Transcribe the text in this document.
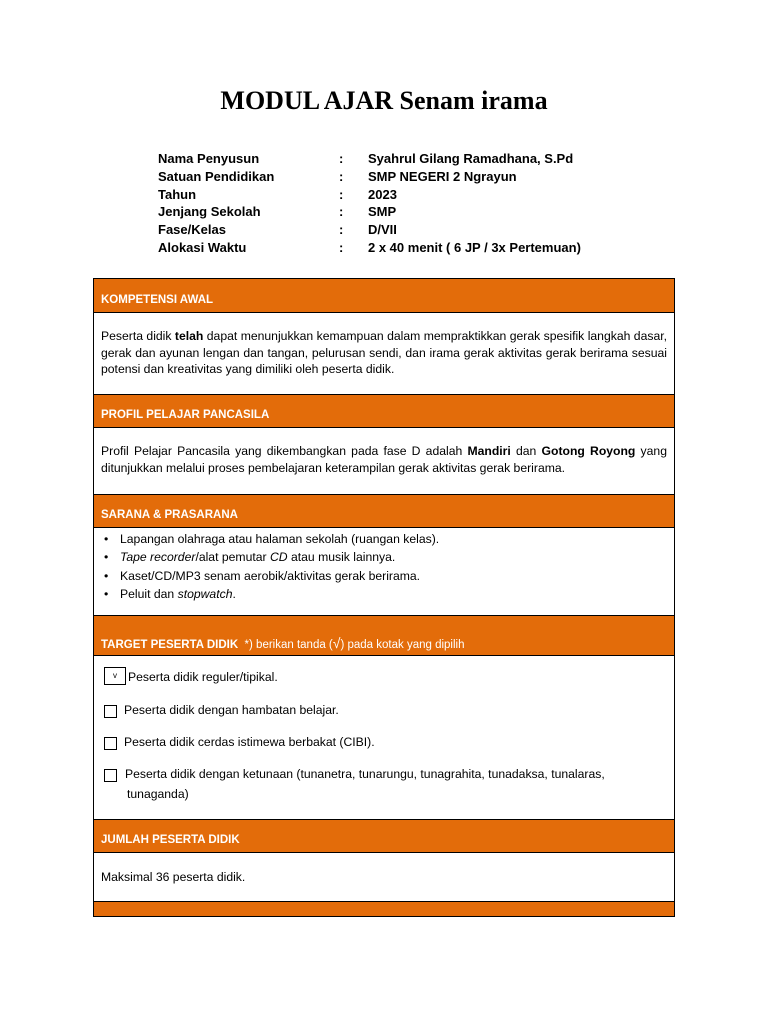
MODUL AJAR Senam irama
Nama Penyusun	: Syahrul Gilang Ramadhana, S.Pd
Satuan Pendidikan	: SMP NEGERI 2 Ngrayun
Tahun	: 2023
Jenjang Sekolah	: SMP
Fase/Kelas	: D/VII
Alokasi Waktu	: 2 x 40 menit ( 6 JP / 3x Pertemuan)
KOMPETENSI AWAL
Peserta didik telah dapat menunjukkan kemampuan dalam mempraktikkan gerak spesifik langkah dasar, gerak dan ayunan lengan dan tangan, pelurusan sendi, dan irama gerak aktivitas gerak berirama sesuai potensi dan kreativitas yang dimiliki oleh peserta didik.
PROFIL PELAJAR PANCASILA
Profil Pelajar Pancasila yang dikembangkan pada fase D adalah Mandiri dan Gotong Royong yang ditunjukkan melalui proses pembelajaran keterampilan gerak aktivitas gerak berirama.
SARANA & PRASARANA
• Lapangan olahraga atau halaman sekolah (ruangan kelas).
• Tape recorder/alat pemutar CD atau musik lainnya.
• Kaset/CD/MP3 senam aerobik/aktivitas gerak berirama.
• Peluit dan stopwatch.
TARGET PESERTA DIDIK *) berikan tanda (√) pada kotak yang dipilih
v Peserta didik reguler/tipikal.
Peserta didik dengan hambatan belajar.
Peserta didik cerdas istimewa berbakat (CIBI).
Peserta didik dengan ketunaan (tunanetra, tunarungu, tunagrahita, tunadaksa, tunalaras,
tunaganda)
JUMLAH PESERTA DIDIK
Maksimal 36 peserta didik.
